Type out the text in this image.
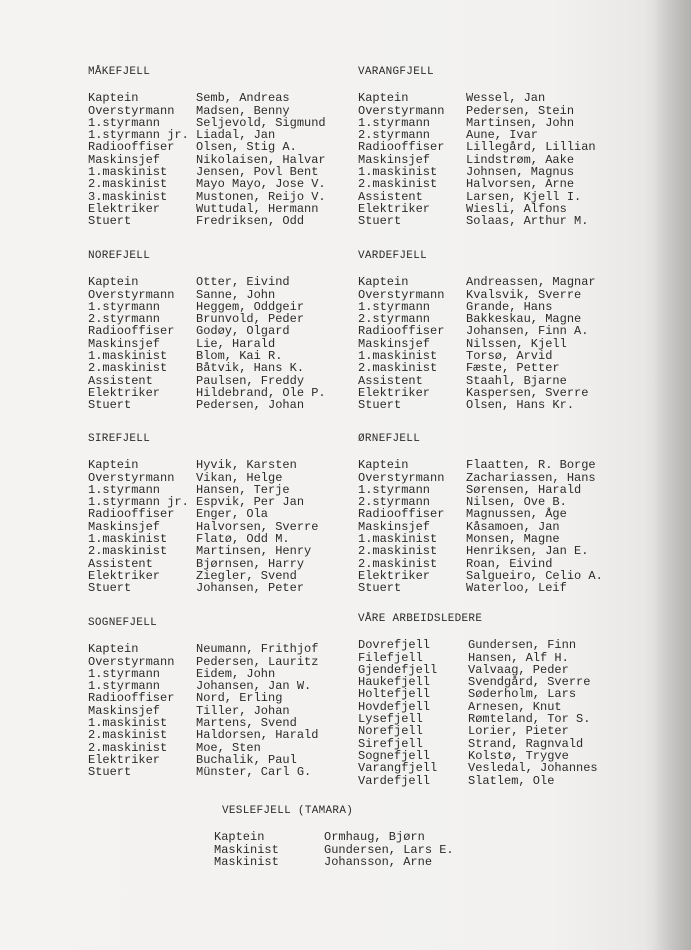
MÅKEFJELL
Kaptein	Semb, Andreas
Overstyrmann	Madsen, Benny
1.styrmann	Seljevold, Sigmund
1.styrmann jr. Liadal, Jan
Radiooffiser	Olsen, Stig A.
Maskinsjef	Nikolaisen, Halvar
1.maskinist	Jensen, Povl Bent
2.maskinist	Mayo Mayo, Jose V.
3.maskinist	Mustonen, Reijo V.
Elektriker	Wuttudal, Hermann
Stuert	Fredriksen, Odd
NOREFJELL
Kaptein	Otter, Eivind
Overstyrmann	Sanne, John
1.styrmann	Heggem, Oddgeir
2.styrmann	Brunvold, Peder
Radiooffiser	Godøy, Olgard
Maskinsjef	Lie, Harald
1.maskinist	Blom, Kai R.
2.maskinist	Båtvik, Hans K.
Assistent	Paulsen, Freddy
Elektriker	Hildebrand, Ole P.
Stuert	Pedersen, Johan
SIREFJELL
Kaptein	Hyvik, Karsten
Overstyrmann	Vikan, Helge
1.styrmann	Hansen, Terje
1.styrmann jr. Espvik, Per Jan
Radiooffiser	Enger, Ola
Maskinsjef	Halvorsen, Sverre
1.maskinist	Flatø, Odd M.
2.maskinist	Martinsen, Henry
Assistent	Bjørnsen, Harry
Elektriker	Ziegler, Svend
Stuert	Johansen, Peter
SOGNEFJELL
Kaptein	Neumann, Frithjof
Overstyrmann	Pedersen, Lauritz
1.styrmann	Eidem, John
1.styrmann	Johansen, Jan W.
Radiooffiser	Nord, Erling
Maskinsjef	Tiller, Johan
1.maskinist	Martens, Svend
2.maskinist	Haldorsen, Harald
2.maskinist	Moe, Sten
Elektriker	Buchalik, Paul
Stuert	Münster, Carl G.
VARANGFJELL
Kaptein	Wessel, Jan
Overstyrmann	Pedersen, Stein
1.styrmann	Martinsen, John
2.styrmann	Aune, Ivar
Radiooffiser	Lillegård, Lillian
Maskinsjef	Lindstrøm, Aake
1.maskinist	Johnsen, Magnus
2.maskinist	Halvorsen, Arne
Assistent	Larsen, Kjell I.
Elektriker	Wiesli, Alfons
Stuert	Solaas, Arthur M.
VARDEFJELL
Kaptein	Andreassen, Magnar
Overstyrmann	Kvalsvik, Sverre
1.styrmann	Grande, Hans
2.styrmann	Bakkeskau, Magne
Radiooffiser	Johansen, Finn A.
Maskinsjef	Nilssen, Kjell
1.maskinist	Torsø, Arvid
2.maskinist	Fæste, Petter
Assistent	Staahl, Bjarne
Elektriker	Kaspersen, Sverre
Stuert	Olsen, Hans Kr.
ØRNEFJELL
Kaptein	Flaatten, R. Borge
Overstyrmann	Zachariassen, Hans
1.styrmann	Sørensen, Harald
2.styrmann	Nilsen, Ove B.
Radiooffiser	Magnussen, Åge
Maskinsjef	Kåsamoen, Jan
1.maskinist	Monsen, Magne
2.maskinist	Henriksen, Jan E.
2.maskinist	Roan, Eivind
Elektriker	Salgueiro, Celio A.
Stuert	Waterloo, Leif
VÅRE ARBEIDSLEDERE
Dovrefjell	Gundersen, Finn
Filefjell	Hansen, Alf H.
Gjendefjell	Valvaag, Peder
Haukefjell	Svendgård, Sverre
Holtefjell	Søderholm, Lars
Hovdefjell	Arnesen, Knut
Lysefjell	Rømteland, Tor S.
Norefjell	Lorier, Pieter
Sirefjell	Strand, Ragnvald
Sognefjell	Kolstø, Trygve
Varangfjell	Vesledal, Johannes
Vardefjell	Slatlem, Ole
VESLEFJELL (TAMARA)
Kaptein	Ormhaug, Bjørn
Maskinist	Gundersen, Lars E.
Maskinist	Johansson, Arne
